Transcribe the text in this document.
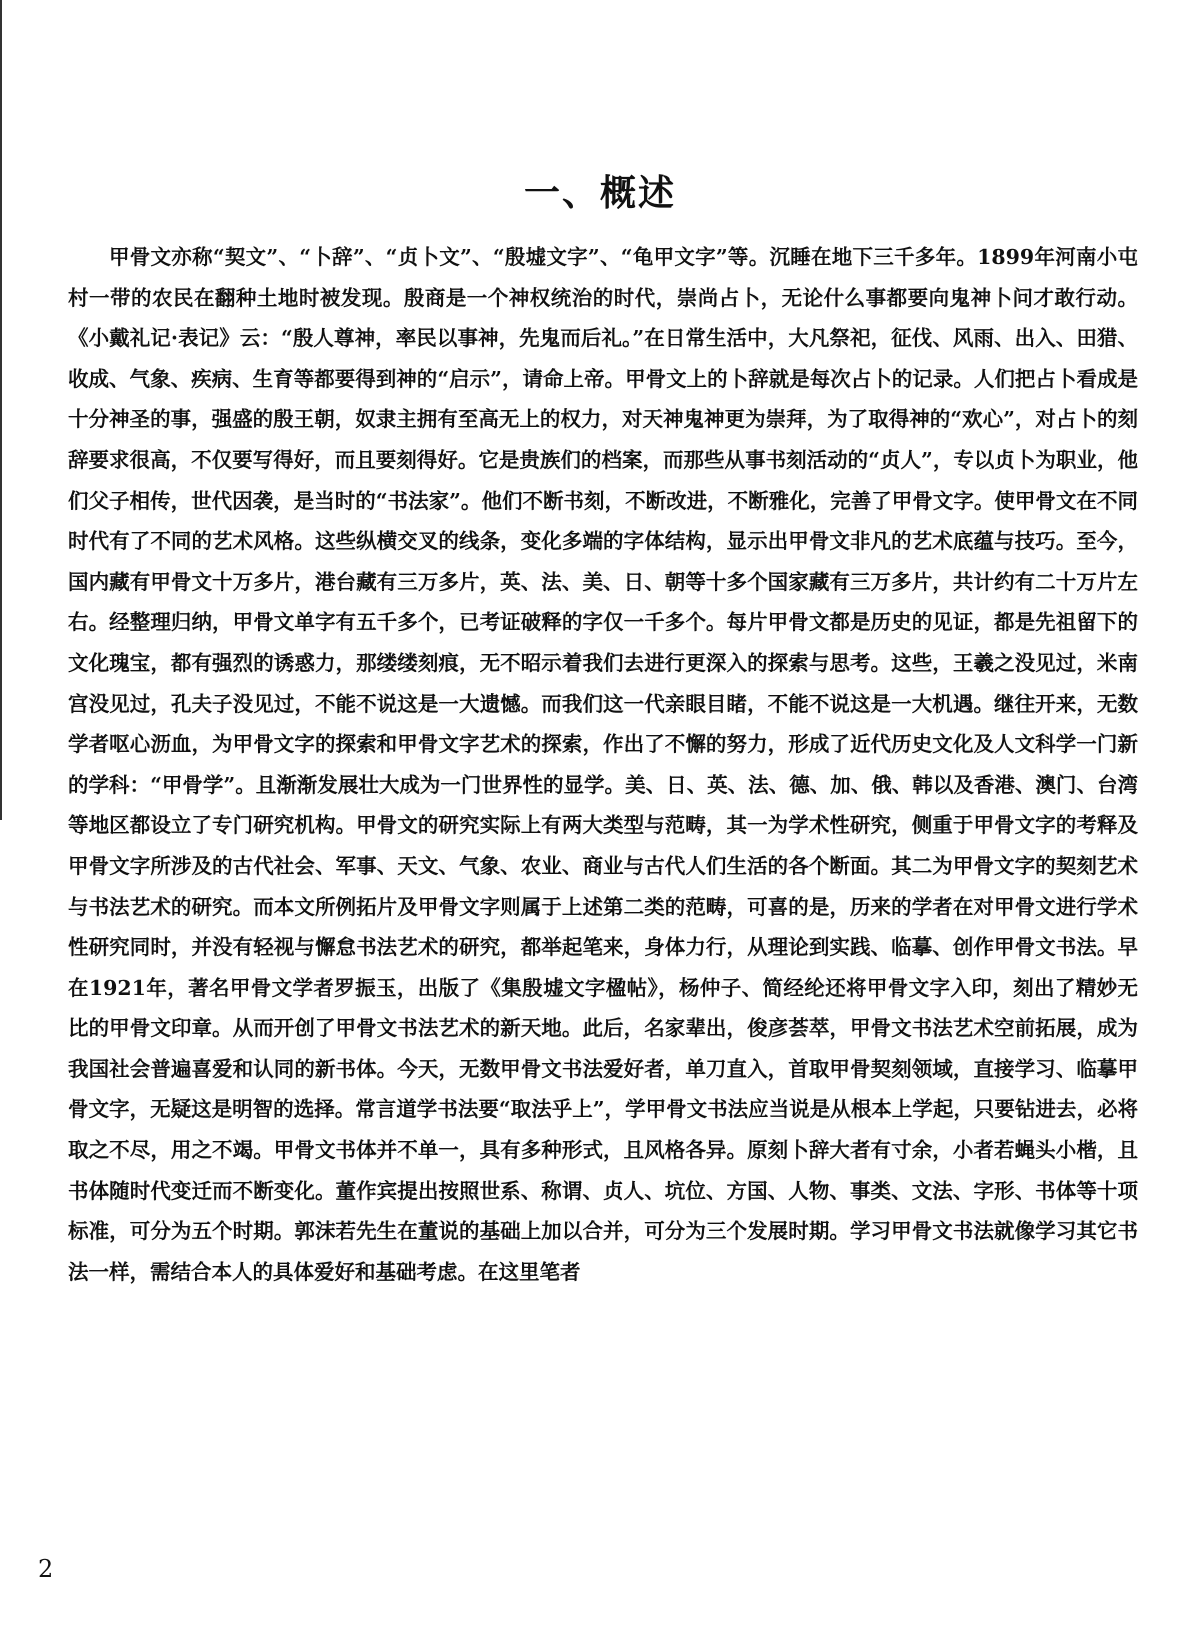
一、概述

甲骨文亦称“契文”、“卜辞”、“贞卜文”、“殷墟文字”、“龟甲文字”等。沉睡在地下三千多年。1899年河南小屯村一带的农民在翻种土地时被发现。殷商是一个神权统治的时代，崇尚占卜，无论什么事都要向鬼神卜问才敢行动。《小戴礼记·表记》云：“殷人尊神，率民以事神，先鬼而后礼。”在日常生活中，大凡祭祀，征伐、风雨、出入、田猎、收成、气象、疾病、生育等都要得到神的“启示”，请命上帝。甲骨文上的卜辞就是每次占卜的记录。人们把占卜看成是十分神圣的事，强盛的殷王朝，奴隶主拥有至高无上的权力，对天神鬼神更为崇拜，为了取得神的“欢心”，对占卜的刻辞要求很高，不仅要写得好，而且要刻得好。它是贵族们的档案，而那些从事书刻活动的“贞人”，专以贞卜为职业，他们父子相传，世代因袭，是当时的“书法家”。他们不断书刻，不断改进，不断雅化，完善了甲骨文字。使甲骨文在不同时代有了不同的艺术风格。这些纵横交叉的线条，变化多端的字体结构，显示出甲骨文非凡的艺术底蕴与技巧。至今，国内藏有甲骨文十万多片，港台藏有三万多片，英、法、美、日、朝等十多个国家藏有三万多片，共计约有二十万片左右。经整理归纳，甲骨文单字有五千多个，已考证破释的字仅一千多个。每片甲骨文都是历史的见证，都是先祖留下的文化瑰宝，都有强烈的诱惑力，那缕缕刻痕，无不昭示着我们去进行更深入的探索与思考。这些，王羲之没见过，米南宫没见过，孔夫子没见过，不能不说这是一大遗憾。而我们这一代亲眼目睹，不能不说这是一大机遇。继往开来，无数学者呕心沥血，为甲骨文字的探索和甲骨文字艺术的探索，作出了不懈的努力，形成了近代历史文化及人文科学一门新的学科：“甲骨学”。且渐渐发展壮大成为一门世界性的显学。美、日、英、法、德、加、俄、韩以及香港、澳门、台湾等地区都设立了专门研究机构。甲骨文的研究实际上有两大类型与范畴，其一为学术性研究，侧重于甲骨文字的考释及甲骨文字所涉及的古代社会、军事、天文、气象、农业、商业与古代人们生活的各个断面。其二为甲骨文字的契刻艺术与书法艺术的研究。而本文所例拓片及甲骨文字则属于上述第二类的范畴，可喜的是，历来的学者在对甲骨文进行学术性研究同时，并没有轻视与懈怠书法艺术的研究，都举起笔来，身体力行，从理论到实践、临摹、创作甲骨文书法。早在1921年，著名甲骨文学者罗振玉，出版了《集殷墟文字楹帖》，杨仲子、简经纶还将甲骨文字入印，刻出了精妙无比的甲骨文印章。从而开创了甲骨文书法艺术的新天地。此后，名家辈出，俊彦荟萃，甲骨文书法艺术空前拓展，成为我国社会普遍喜爱和认同的新书体。今天，无数甲骨文书法爱好者，单刀直入，首取甲骨契刻领域，直接学习、临摹甲骨文字，无疑这是明智的选择。常言道学书法要“取法乎上”，学甲骨文书法应当说是从根本上学起，只要钻进去，必将取之不尽，用之不竭。甲骨文书体并不单一，具有多种形式，且风格各异。原刻卜辞大者有寸余，小者若蝇头小楷，且书体随时代变迁而不断变化。董作宾提出按照世系、称谓、贞人、坑位、方国、人物、事类、文法、字形、书体等十项标准，可分为五个时期。郭沫若先生在董说的基础上加以合并，可分为三个发展时期。学习甲骨文书法就像学习其它书法一样，需结合本人的具体爱好和基础考虑。在这里笔者

2
